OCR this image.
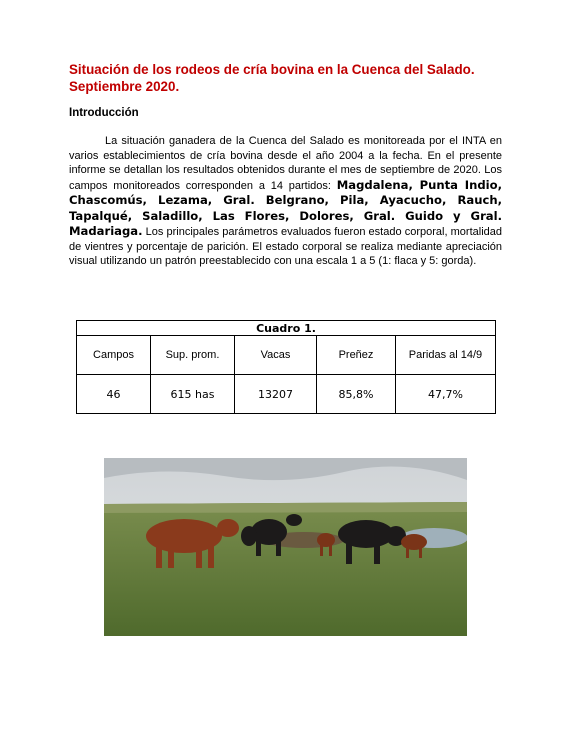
Situación de los rodeos de cría bovina en la Cuenca del Salado. Septiembre 2020.
Introducción

La situación ganadera de la Cuenca del Salado es monitoreada por el INTA en varios establecimientos de cría bovina desde el año 2004 a la fecha. En el presente informe se detallan los resultados obtenidos durante el mes de septiembre de 2020. Los campos monitoreados corresponden a 14 partidos: Magdalena, Punta Indio, Chascomús, Lezama, Gral. Belgrano, Pila, Ayacucho, Rauch, Tapalqué, Saladillo, Las Flores, Dolores, Gral. Guido y Gral. Madariaga. Los principales parámetros evaluados fueron estado corporal, mortalidad de vientres y porcentaje de parición. El estado corporal se realiza mediante apreciación visual utilizando un patrón preestablecido con una escala 1 a 5 (1: flaca y 5: gorda).

Cuadro 1.				
Campos	Sup. prom.	Vacas	Preñez	Paridas al 14/9
46	615 has	13207	85,8%	47,7%
